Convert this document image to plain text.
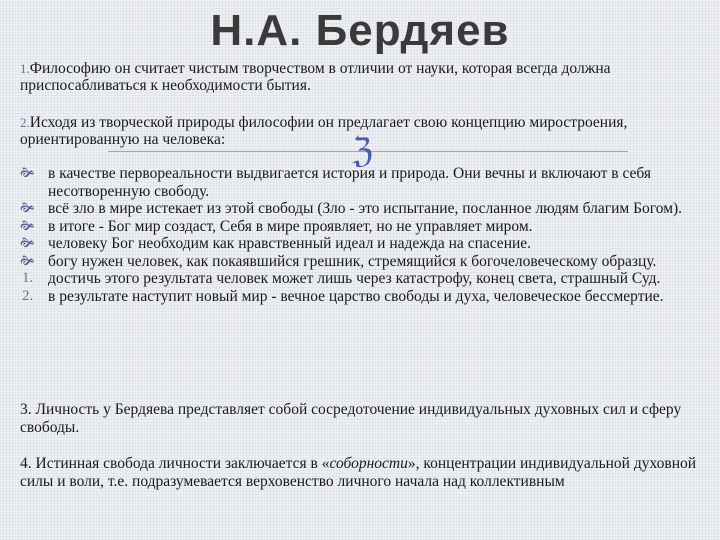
Н.А. Бердяев
1.Философию он считает чистым творчеством в отличии от науки, которая всегда должна приспосабливаться к необходимости бытия.
2.Исходя из творческой природы философии он предлагает свою концепцию миростроения, ориентированную на человека:	ℨ
🙞 в качестве первореальности выдвигается история и природа. Они вечны и включают в себя несотворенную свободу.
🙞 всё зло в мире истекает из этой свободы (Зло - это испытание, посланное людям благим Богом).
🙞 в итоге - Бог мир создаст, Себя в мире проявляет, но не управляет миром.
🙞 человеку Бог необходим как нравственный идеал и надежда на спасение.
🙞 богу нужен человек, как покаявшийся грешник, стремящийся к богочеловеческому образцу.
1. достичь этого результата человек может лишь через катастрофу, конец света, страшный Суд.
2. в результате наступит новый мир - вечное царство свободы и духа, человеческое бессмертие.
3. Личность у Бердяева представляет собой сосредоточение индивидуальных духовных сил и сферу свободы.
4. Истинная свобода личности заключается в «соборности», концентрации индивидуальной духовной силы и воли, т.е. подразумевается верховенство личного начала над коллективным
